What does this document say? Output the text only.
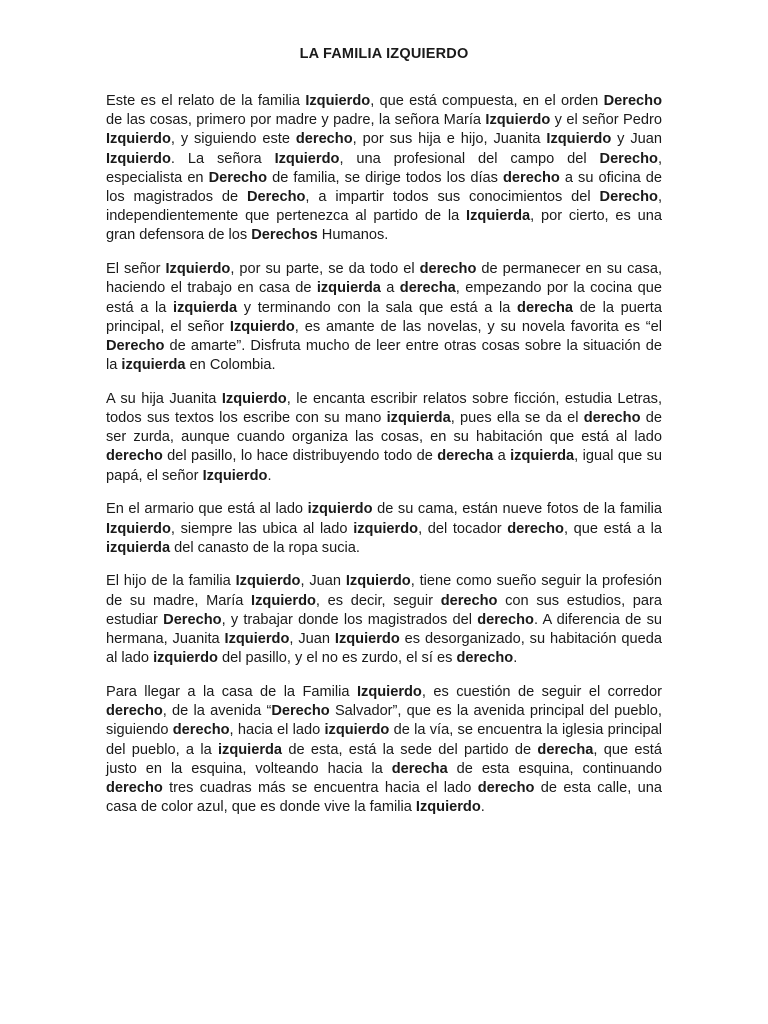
LA FAMILIA IZQUIERDO

Este es el relato de la familia Izquierdo, que está compuesta, en el orden Derecho de las cosas, primero por madre y padre, la señora María Izquierdo y el señor Pedro Izquierdo, y siguiendo este derecho, por sus hija e hijo, Juanita Izquierdo y Juan Izquierdo. La señora Izquierdo, una profesional del campo del Derecho, especialista en Derecho de familia, se dirige todos los días derecho a su oficina de los magistrados de Derecho, a impartir todos sus conocimientos del Derecho, independientemente que pertenezca al partido de la Izquierda, por cierto, es una gran defensora de los Derechos Humanos.

El señor Izquierdo, por su parte, se da todo el derecho de permanecer en su casa, haciendo el trabajo en casa de izquierda a derecha, empezando por la cocina que está a la izquierda y terminando con la sala que está a la derecha de la puerta principal, el señor Izquierdo, es amante de las novelas, y su novela favorita es “el Derecho de amarte”. Disfruta mucho de leer entre otras cosas sobre la situación de la izquierda en Colombia.

A su hija Juanita Izquierdo, le encanta escribir relatos sobre ficción, estudia Letras, todos sus textos los escribe con su mano izquierda, pues ella se da el derecho de ser zurda, aunque cuando organiza las cosas, en su habitación que está al lado derecho del pasillo, lo hace distribuyendo todo de derecha a izquierda, igual que su papá, el señor Izquierdo.

En el armario que está al lado izquierdo de su cama, están nueve fotos de la familia Izquierdo, siempre las ubica al lado izquierdo, del tocador derecho, que está a la izquierda del canasto de la ropa sucia.

El hijo de la familia Izquierdo, Juan Izquierdo, tiene como sueño seguir la profesión de su madre, María Izquierdo, es decir, seguir derecho con sus estudios, para estudiar Derecho, y trabajar donde los magistrados del derecho. A diferencia de su hermana, Juanita Izquierdo, Juan Izquierdo es desorganizado, su habitación queda al lado izquierdo del pasillo, y el no es zurdo, el sí es derecho.

Para llegar a la casa de la Familia Izquierdo, es cuestión de seguir el corredor derecho, de la avenida “Derecho Salvador”, que es la avenida principal del pueblo, siguiendo derecho, hacia el lado izquierdo de la vía, se encuentra la iglesia principal del pueblo, a la izquierda de esta, está la sede del partido de derecha, que está justo en la esquina, volteando hacia la derecha de esta esquina, continuando derecho tres cuadras más se encuentra hacia el lado derecho de esta calle, una casa de color azul, que es donde vive la familia Izquierdo.
